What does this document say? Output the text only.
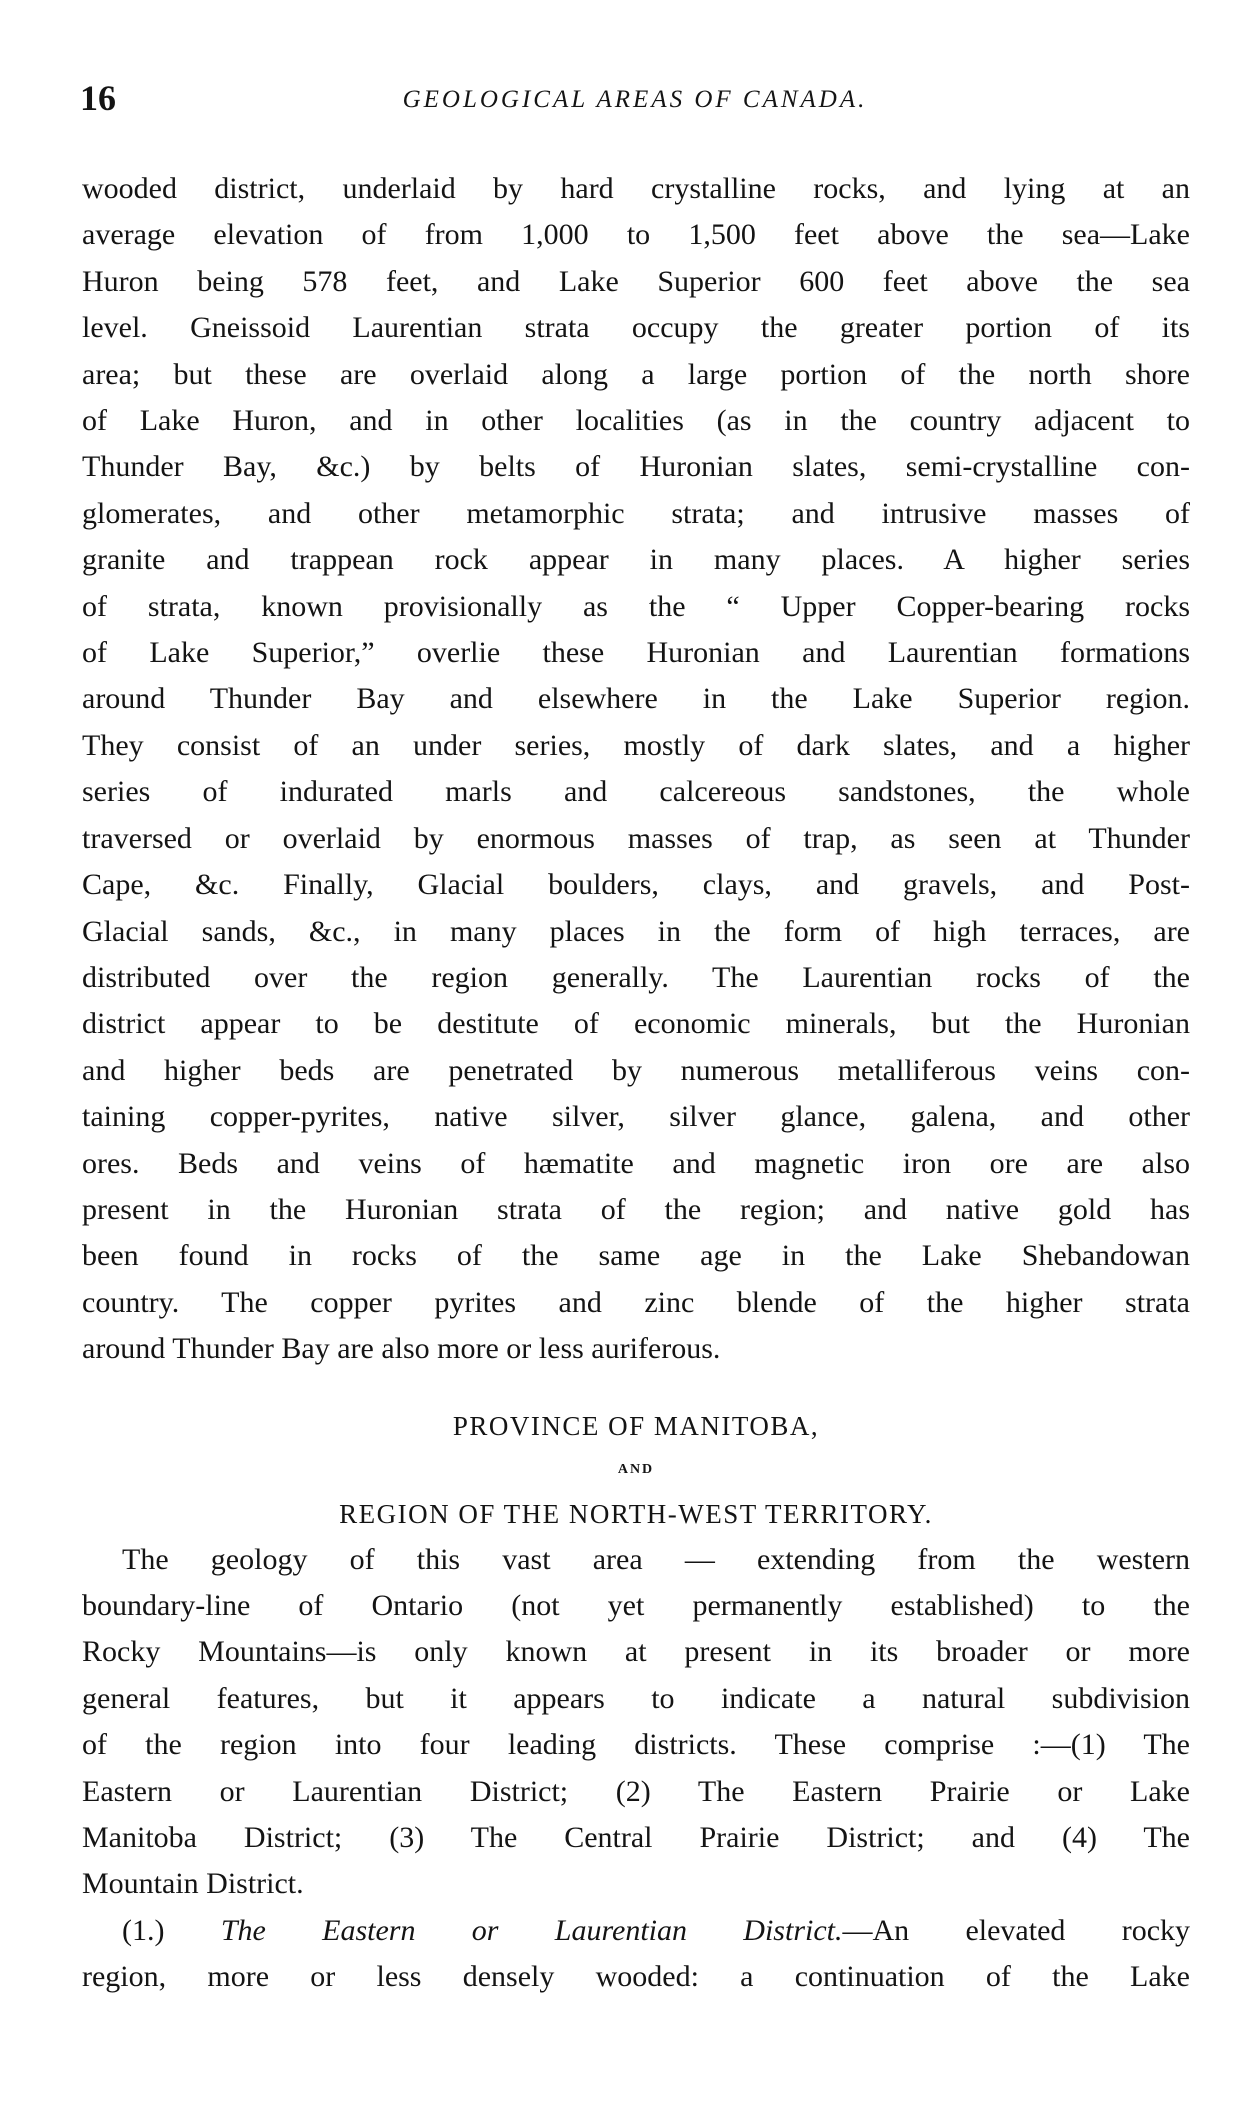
16	GEOLOGICAL AREAS OF CANADA.

wooded district, underlaid by hard crystalline rocks, and lying at an
average elevation of from 1,000 to 1,500 feet above the sea—Lake
Huron being 578 feet, and Lake Superior 600 feet above the sea
level. Gneissoid Laurentian strata occupy the greater portion of its
area; but these are overlaid along a large portion of the north shore
of Lake Huron, and in other localities (as in the country adjacent to
Thunder Bay, &c.) by belts of Huronian slates, semi-crystalline con-
glomerates, and other metamorphic strata; and intrusive masses of
granite and trappean rock appear in many places. A higher series
of strata, known provisionally as the “ Upper Copper-bearing rocks
of Lake Superior,” overlie these Huronian and Laurentian formations
around Thunder Bay and elsewhere in the Lake Superior region.
They consist of an under series, mostly of dark slates, and a higher
series of indurated marls and calcereous sandstones, the whole
traversed or overlaid by enormous masses of trap, as seen at Thunder
Cape, &c. Finally, Glacial boulders, clays, and gravels, and Post-
Glacial sands, &c., in many places in the form of high terraces, are
distributed over the region generally. The Laurentian rocks of the
district appear to be destitute of economic minerals, but the Huronian
and higher beds are penetrated by numerous metalliferous veins con-
taining copper-pyrites, native silver, silver glance, galena, and other
ores. Beds and veins of hæmatite and magnetic iron ore are also
present in the Huronian strata of the region; and native gold has
been found in rocks of the same age in the Lake Shebandowan
country. The copper pyrites and zinc blende of the higher strata
around Thunder Bay are also more or less auriferous.

PROVINCE OF MANITOBA,
AND
REGION OF THE NORTH-WEST TERRITORY.

The geology of this vast area — extending from the western
boundary-line of Ontario (not yet permanently established) to the
Rocky Mountains—is only known at present in its broader or more
general features, but it appears to indicate a natural subdivision
of the region into four leading districts. These comprise :—(1) The
Eastern or Laurentian District; (2) The Eastern Prairie or Lake
Manitoba District; (3) The Central Prairie District; and (4) The
Mountain District.

(1.) The Eastern or Laurentian District.—An elevated rocky
region, more or less densely wooded: a continuation of the Lake
